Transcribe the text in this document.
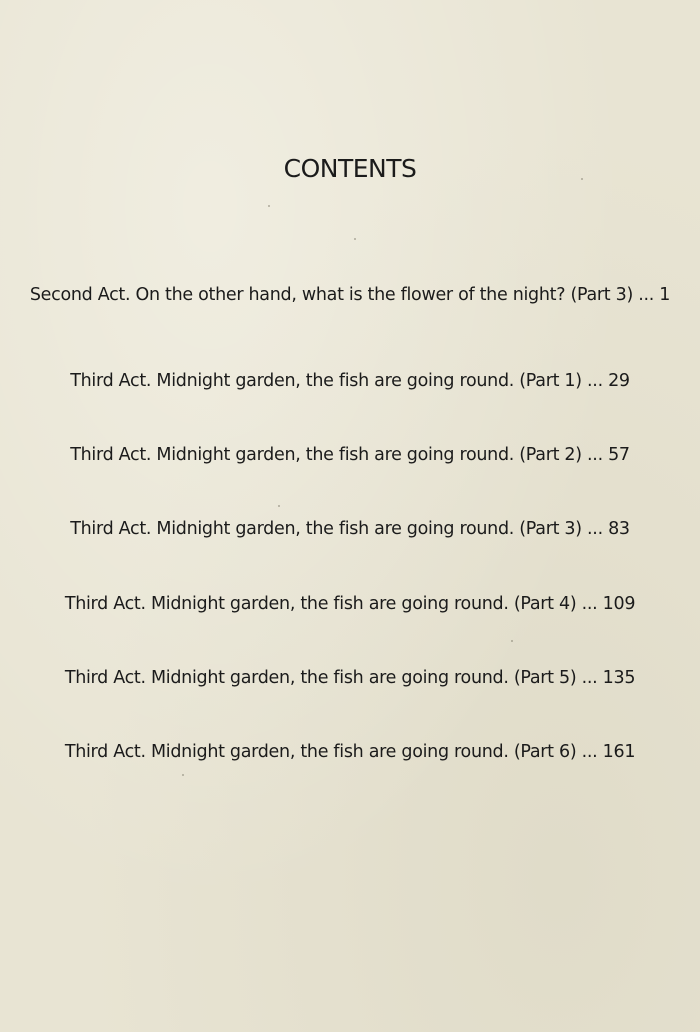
CONTENTS
Second Act. On the other hand, what is the flower of the night? (Part 3) ... 1
Third Act. Midnight garden, the fish are going round. (Part 1) ... 29
Third Act. Midnight garden, the fish are going round. (Part 2) ... 57
Third Act. Midnight garden, the fish are going round. (Part 3) ... 83
Third Act. Midnight garden, the fish are going round. (Part 4) ... 109
Third Act. Midnight garden, the fish are going round. (Part 5) ... 135
Third Act. Midnight garden, the fish are going round. (Part 6) ... 161
